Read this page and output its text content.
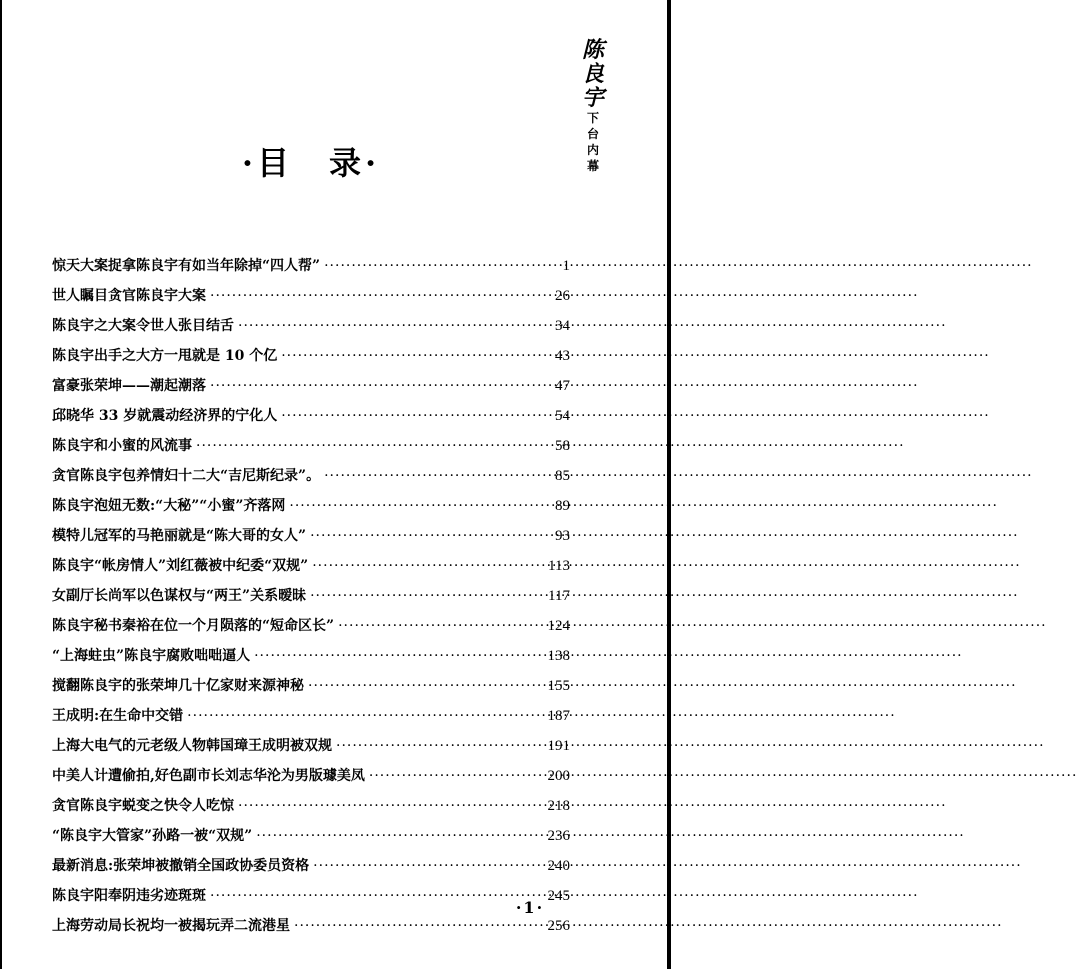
陈
良
宇
下
台
内
幕
·目　录·
惊天大案捉拿陈良宇有如当年除掉“四人帮” ·····	1
世人瞩目贪官陈良宇大案 ·····	26
陈良宇之大案令世人张目结舌 ·····	34
陈良宇出手之大方一甩就是 10 个亿 ·····	43
富豪张荣坤——潮起潮落 ·····	47
邱晓华 33 岁就震动经济界的宁化人 ·····	54
陈良宇和小蜜的风流事 ·····	58
贪官陈良宇包养情妇十二大“吉尼斯纪录”。 ·····	85
陈良宇泡妞无数:“大秘”“小蜜”齐落网 ·····	89
模特儿冠军的马艳丽就是“陈大哥的女人” ·····	93
陈良宇“帐房情人”刘红薇被中纪委“双规” ·····	113
女副厅长尚军以色谋权与“两王”关系暧昧 ·····	117
陈良宇秘书秦裕在位一个月陨落的“短命区长” ·····	124
“上海蛀虫”陈良宇腐败咄咄逼人 ·····	138
搅翻陈良宇的张荣坤几十亿家财来源神秘 ·····	155
王成明:在生命中交错 ·····	187
上海大电气的元老级人物韩国璋王成明被双规 ·····	191
中美人计遭偷拍,好色副市长刘志华沦为男版璩美凤 ·····	200
贪官陈良宇蜕变之快令人吃惊 ·····	218
“陈良宇大管家”孙路一被“双规” ·····	236
最新消息:张荣坤被撤销全国政协委员资格 ·····	240
陈良宇阳奉阴违劣迹斑斑 ·····	245
上海劳动局长祝均一被揭玩弄二流港星 ·····	256
·1·
